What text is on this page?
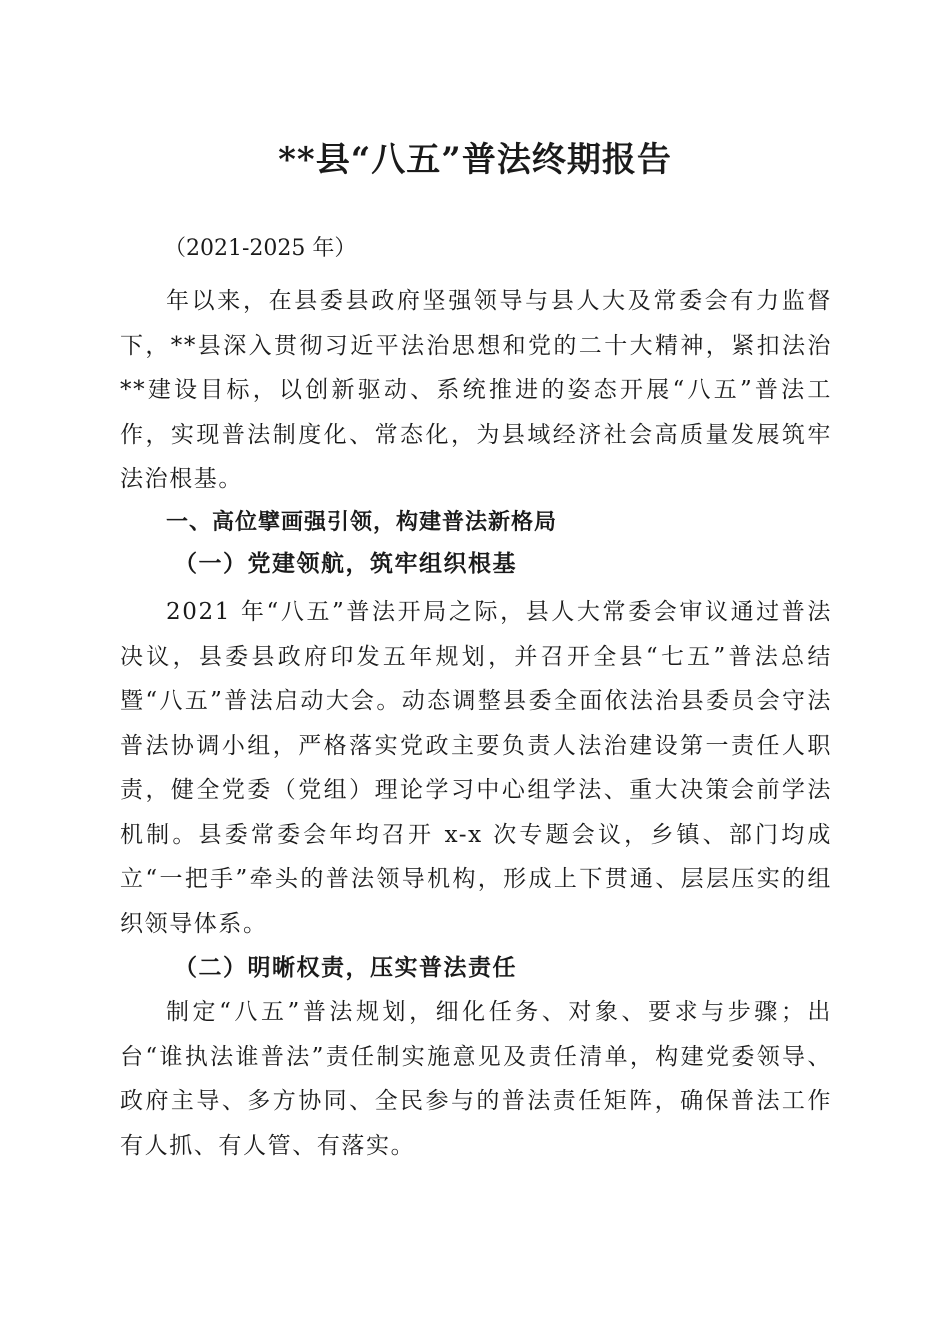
**县“八五”普法终期报告

（2021-2025 年）

年以来，在县委县政府坚强领导与县人大及常委会有力监督下，**县深入贯彻习近平法治思想和党的二十大精神，紧扣法治**建设目标，以创新驱动、系统推进的姿态开展“八五”普法工作，实现普法制度化、常态化，为县域经济社会高质量发展筑牢法治根基。

一、高位擘画强引领，构建普法新格局
（一）党建领航，筑牢组织根基

2021 年“八五”普法开局之际，县人大常委会审议通过普法决议，县委县政府印发五年规划，并召开全县“七五”普法总结暨“八五”普法启动大会。动态调整县委全面依法治县委员会守法普法协调小组，严格落实党政主要负责人法治建设第一责任人职责，健全党委（党组）理论学习中心组学法、重大决策会前学法机制。县委常委会年均召开 x-x 次专题会议，乡镇、部门均成立“一把手”牵头的普法领导机构，形成上下贯通、层层压实的组织领导体系。

（二）明晰权责，压实普法责任

制定“八五”普法规划，细化任务、对象、要求与步骤；出台“谁执法谁普法”责任制实施意见及责任清单，构建党委领导、政府主导、多方协同、全民参与的普法责任矩阵，确保普法工作有人抓、有人管、有落实。
